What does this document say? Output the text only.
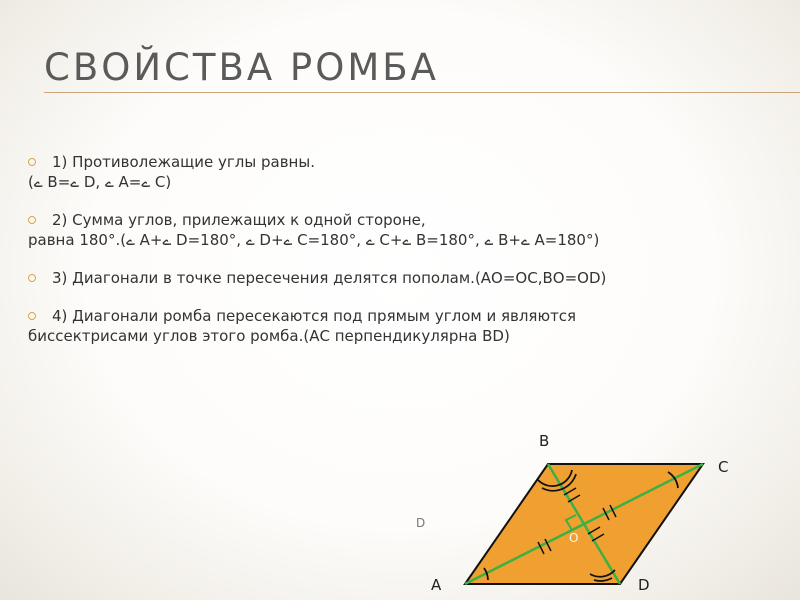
СВОЙСТВА РОМБА
1) Противолежащие углы равны.
(ے B=ے D, ے A=ے C)
2) Сумма углов, прилежащих к одной стороне,
равна 180°.(ے A+ے D=180°, ے D+ے C=180°, ے C+ے B=180°, ے B+ے A=180°)
3) Диагонали в точке пересечения делятся пополам.(АО=ОС,ВО=OD)
4) Диагонали ромба пересекаются под прямым углом и являются
биссектрисами углов этого ромба.(АС перпендикулярна BD)
B
C
A	D
D
O
